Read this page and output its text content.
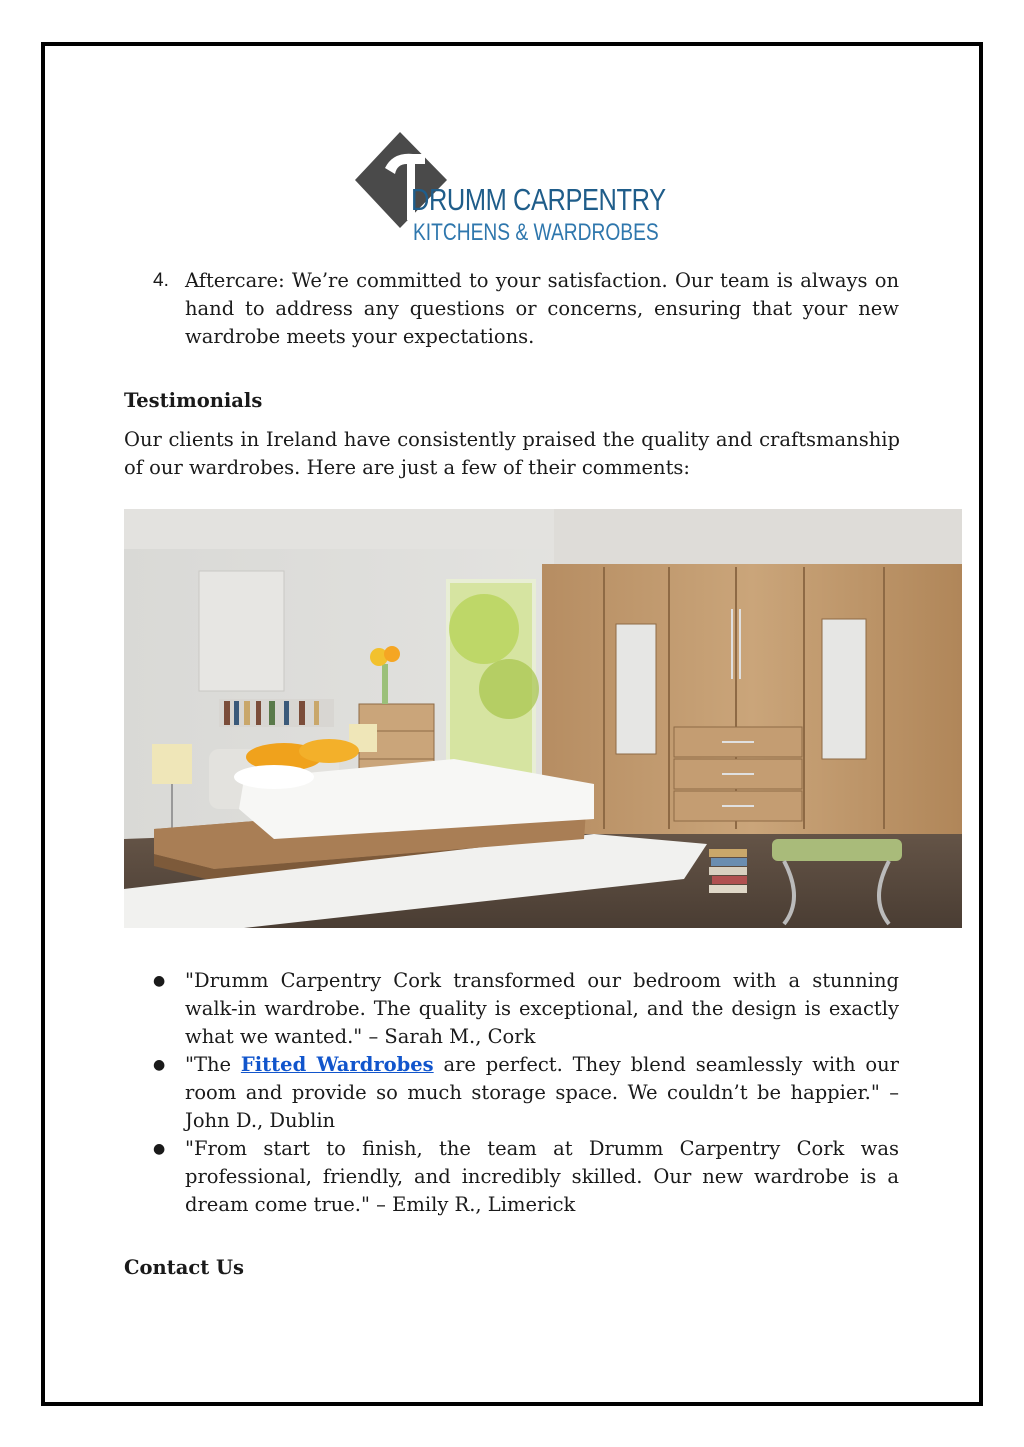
DRUMM CARPENTRY
KITCHENS & WARDROBES
4. Aftercare: We’re committed to your satisfaction. Our team is always on hand to address any questions or concerns, ensuring that your new wardrobe meets your expectations.

Testimonials

Our clients in Ireland have consistently praised the quality and craftsmanship of our wardrobes. Here are just a few of their comments:

● "Drumm Carpentry Cork transformed our bedroom with a stunning walk-in wardrobe. The quality is exceptional, and the design is exactly what we wanted." – Sarah M., Cork

● "The Fitted Wardrobes are perfect. They blend seamlessly with our room and provide so much storage space. We couldn’t be happier." – John D., Dublin

● "From start to finish, the team at Drumm Carpentry Cork was professional, friendly, and incredibly skilled. Our new wardrobe is a dream come true." – Emily R., Limerick

Contact Us
